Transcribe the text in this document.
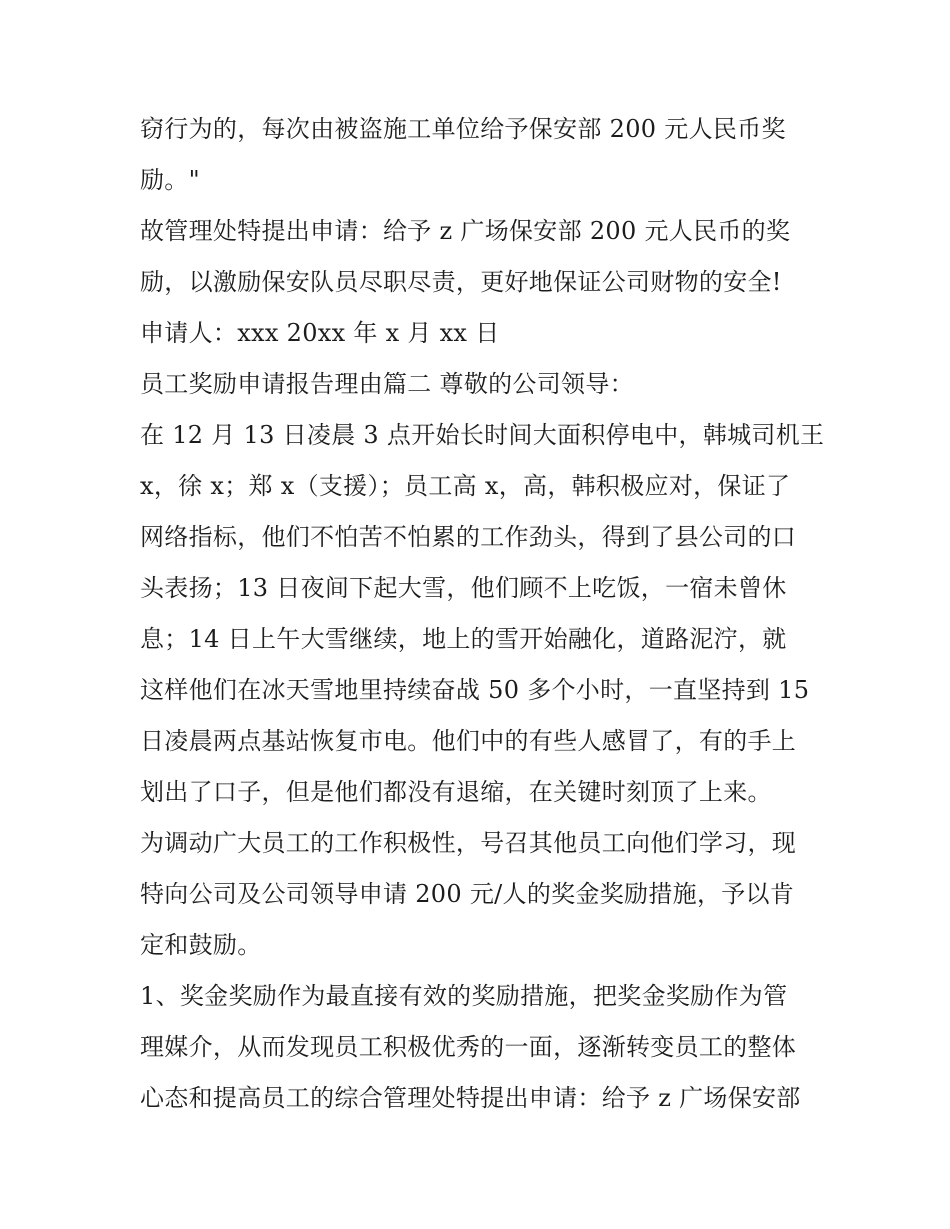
窃行为的，每次由被盗施工单位给予保安部 200 元人民币奖
励。"
故管理处特提出申请：给予 z 广场保安部 200 元人民币的奖
励，以激励保安队员尽职尽责，更好地保证公司财物的安全!
申请人：xxx 20xx 年 x 月 xx 日
员工奖励申请报告理由篇二 尊敬的公司领导：
在 12 月 13 日凌晨 3 点开始长时间大面积停电中，韩城司机王
x，徐 x；郑 x（支援）；员工高 x，高，韩积极应对，保证了
网络指标，他们不怕苦不怕累的工作劲头，得到了县公司的口
头表扬；13 日夜间下起大雪，他们顾不上吃饭，一宿未曾休
息；14 日上午大雪继续，地上的雪开始融化，道路泥泞，就
这样他们在冰天雪地里持续奋战 50 多个小时，一直坚持到 15
日凌晨两点基站恢复市电。他们中的有些人感冒了，有的手上
划出了口子，但是他们都没有退缩，在关键时刻顶了上来。
为调动广大员工的工作积极性，号召其他员工向他们学习，现
特向公司及公司领导申请 200 元/人的奖金奖励措施，予以肯
定和鼓励。
1、奖金奖励作为最直接有效的奖励措施，把奖金奖励作为管
理媒介，从而发现员工积极优秀的一面，逐渐转变员工的整体
心态和提高员工的综合管理处特提出申请：给予 z 广场保安部
